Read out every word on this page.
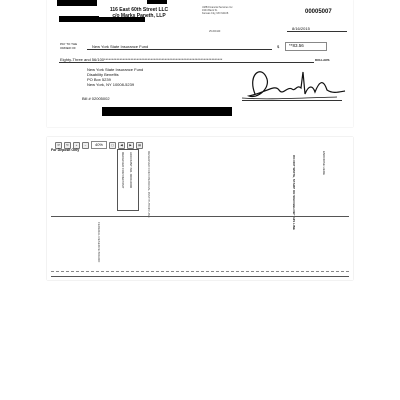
116 East 60th Street LLC
c/o Marks Paneth, LLP
UMB Financial Services Inc
1904 Bank St.
Kansas City, MO 64108
25-60/440
00005007
8/16/2015
PAY TO THE ORDER OF	New York State Insurance Fund	$ **83.56
Eighty-Three and 56/100****************************************************************************	DOLLARS
New York State Insurance Fund
Disability Benefits
PO Box 5239
New York, NY 10008-5239
Bill # 02005002
↺	↻	+	−	40%	▢	◀	▶	▤
For Deposit Only
RECEIVED FOR DEPOSIT ACCOUNT NO. 0000-0000	RESERVED FOR FINANCIAL INSTITUTION USE
FEDERAL RESERVE BOARD
DO NOT WRITE, STAMP OR SIGN BELOW THIS LINE	ENDORSE HERE
